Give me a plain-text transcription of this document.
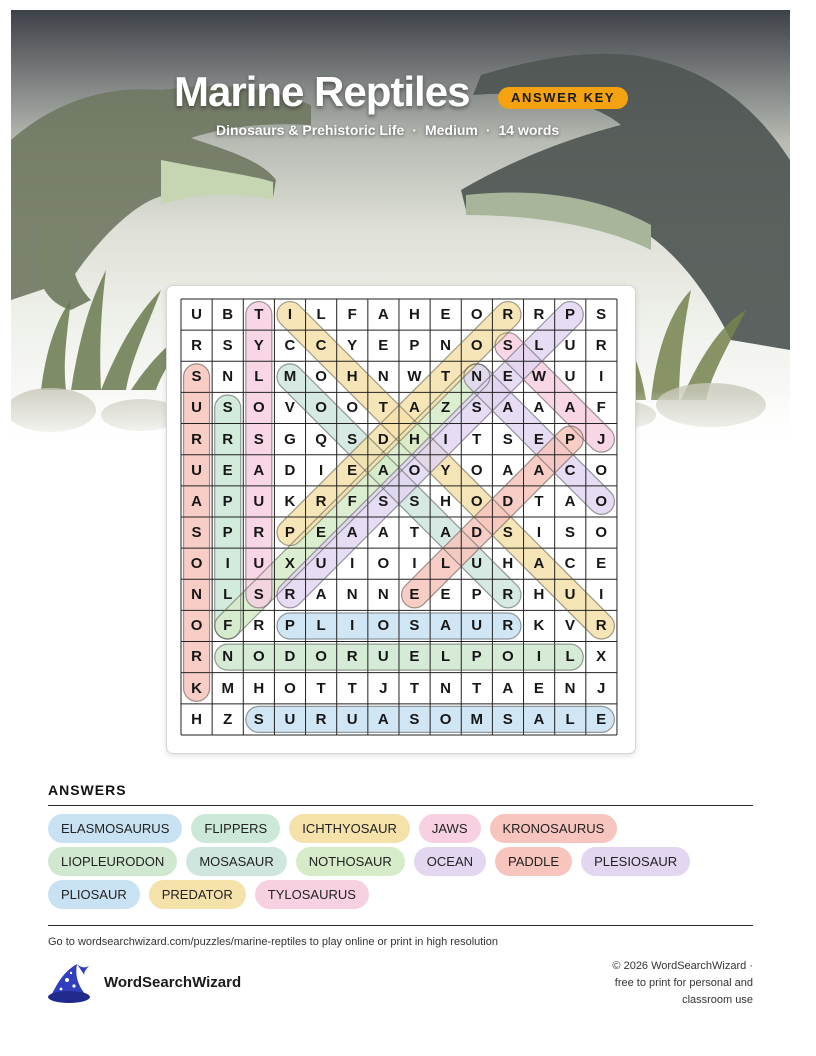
Marine Reptiles	ANSWER KEY
Dinosaurs & Prehistoric Life · Medium · 14 words
U	B	T	I	L	F	A	H	E	O	R	R	P	S
R	S	Y	C	C	Y	E	P	N	O	S	L	U	R
S	N	L	M	O	H	N	W	T	N	E	W	U	I
U	S	O	V	O	O	T	A	Z	S	A	A	A	F
R	R	S	G	Q	S	D	H	I	T	S	E	P	J
U	E	A	D	I	E	A	O	Y	O	A	A	C	O
A	P	U	K	R	F	S	S	H	O	D	T	A	O
S	P	R	P	E	A	A	T	A	D	S	I	S	O
O	I	U	X	U	I	O	I	L	U	H	A	C	E
N	L	S	R	A	N	N	E	E	P	R	H	U	I
O	F	R	P	L	I	O	S	A	U	R	K	V	R
R	N	O	D	O	R	U	E	L	P	O	I	L	X
K	M	H	O	T	T	J	T	N	T	A	E	N	J
H	Z	S	U	R	U	A	S	O	M	S	A	L	E
ANSWERS
ELASMOSAURUS	FLIPPERS	ICHTHYOSAUR	JAWS	KRONOSAURUS
LIOPLEURODON	MOSASAUR	NOTHOSAUR	OCEAN	PADDLE	PLESIOSAUR
PLIOSAUR	PREDATOR	TYLOSAURUS
Go to wordsearchwizard.com/puzzles/marine-reptiles to play online or print in high resolution
WordSearchWizard
© 2026 WordSearchWizard ·
free to print for personal and
classroom use
